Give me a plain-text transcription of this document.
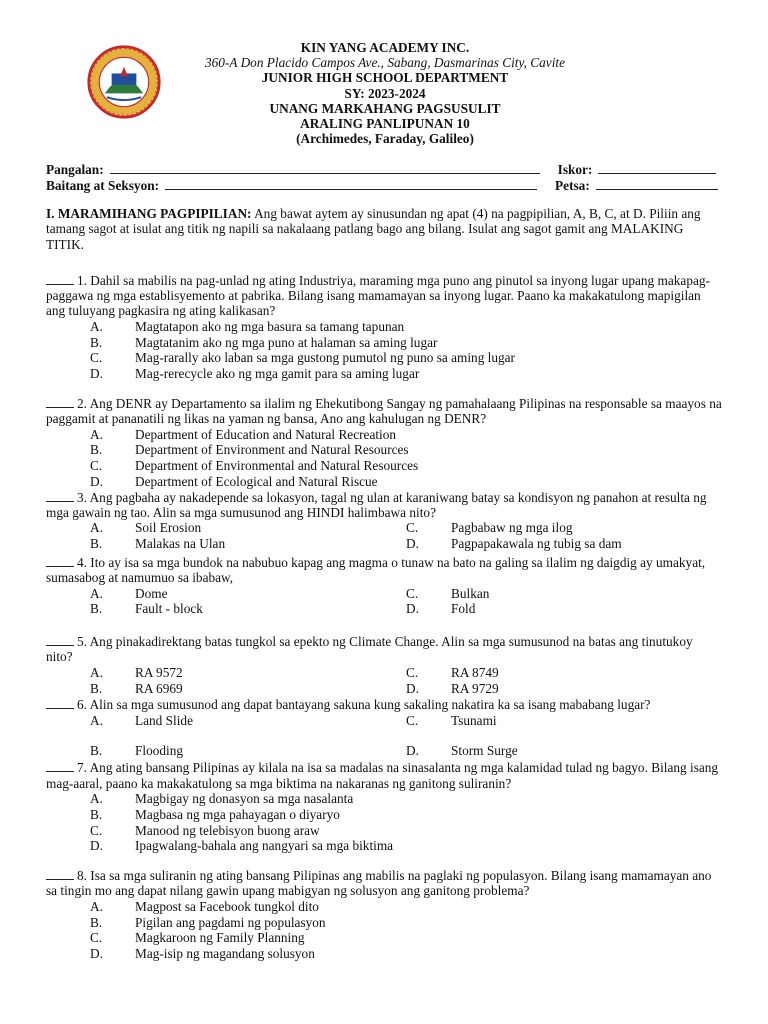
KIN YANG ACADEMY INC.
360-A Don Placido Campos Ave., Sabang, Dasmarinas City, Cavite
JUNIOR HIGH SCHOOL DEPARTMENT
SY: 2023-2024
UNANG MARKAHANG PAGSUSULIT
ARALING PANLIPUNAN 10
(Archimedes, Faraday, Galileo)
Pangalan:	Iskor:
Baitang at Seksyon:	Petsa:

I. MARAMIHANG PAGPIPILIAN: Ang bawat aytem ay sinusundan ng apat (4) na pagpipilian, A, B, C, at D. Piliin ang tamang sagot at isulat ang titik ng napili sa nakalaang patlang bago ang bilang. Isulat ang sagot gamit ang MALAKING TITIK.

1. Dahil sa mabilis na pag-unlad ng ating Industriya, maraming mga puno ang pinutol sa inyong lugar upang makapag-paggawa ng mga establisyemento at pabrika. Bilang isang mamamayan sa inyong lugar. Paano ka makakatulong mapigilan ang tuluyang pagkasira ng ating kalikasan?

A. Magtatapon ako ng mga basura sa tamang tapunan
B. Magtatanim ako ng mga puno at halaman sa aming lugar
C. Mag-rarally ako laban sa mga gustong pumutol ng puno sa aming lugar
D. Mag-rerecycle ako ng mga gamit para sa aming lugar

2. Ang DENR ay Departamento sa ilalim ng Ehekutibong Sangay ng pamahalaang Pilipinas na responsable sa maayos na paggamit at pananatili ng likas na yaman ng bansa, Ano ang kahulugan ng DENR?

A. Department of Education and Natural Recreation
B. Department of Environment and Natural Resources
C. Department of Environmental and Natural Resources
D. Department of Ecological and Natural Riscue

3. Ang pagbaha ay nakadepende sa lokasyon, tagal ng ulan at karaniwang batay sa kondisyon ng panahon at resulta ng mga gawain ng tao. Alin sa mga sumusunod ang HINDI halimbawa nito?

A. Soil Erosion	C. Pagbabaw ng mga ilog
B. Malakas na Ulan	D. Pagpapakawala ng tubig sa dam

4. Ito ay isa sa mga bundok na nabubuo kapag ang magma o tunaw na bato na galing sa ilalim ng daigdig ay umakyat, sumasabog at namumuo sa ibabaw,

A. Dome	C. Bulkan
B. Fault - block	D. Fold

5. Ang pinakadirektang batas tungkol sa epekto ng Climate Change. Alin sa mga sumusunod na batas ang tinutukoy nito?

A. RA 9572	C. RA 8749
B. RA 6969	D. RA 9729

6. Alin sa mga sumusunod ang dapat bantayang sakuna kung sakaling nakatira ka sa isang mababang lugar?

A. Land Slide	C. Tsunami
B. Flooding	D. Storm Surge

7. Ang ating bansang Pilipinas ay kilala na isa sa madalas na sinasalanta ng mga kalamidad tulad ng bagyo. Bilang isang mag-aaral, paano ka makakatulong sa mga biktima na nakaranas ng ganitong suliranin?

A. Magbigay ng donasyon sa mga nasalanta
B. Magbasa ng mga pahayagan o diyaryo
C. Manood ng telebisyon buong araw
D. Ipagwalang-bahala ang nangyari sa mga biktima

8. Isa sa mga suliranin ng ating bansang Pilipinas ang mabilis na paglaki ng populasyon. Bilang isang mamamayan ano sa tingin mo ang dapat nilang gawin upang mabigyan ng solusyon ang ganitong problema?

A. Magpost sa Facebook tungkol dito
B. Pigilan ang pagdami ng populasyon
C. Magkaroon ng Family Planning
D. Mag-isip ng magandang solusyon
